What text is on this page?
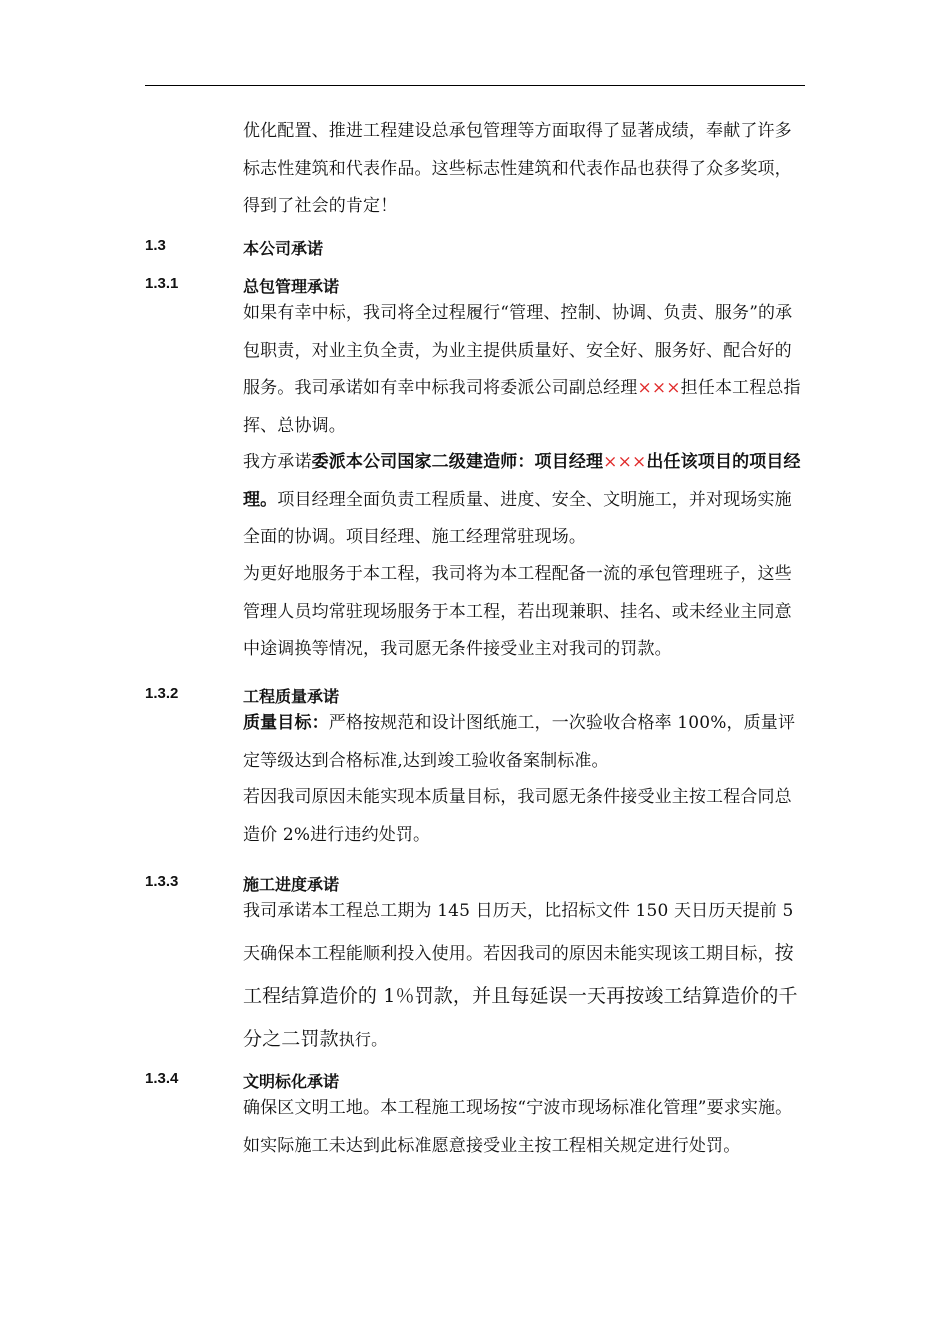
优化配置、推进工程建设总承包管理等方面取得了显著成绩，奉献了许多标志性建筑和代表作品。这些标志性建筑和代表作品也获得了众多奖项，得到了社会的肯定！

1.3	本公司承诺
1.3.1	总包管理承诺

如果有幸中标，我司将全过程履行“管理、控制、协调、负责、服务”的承包职责，对业主负全责，为业主提供质量好、安全好、服务好、配合好的服务。我司承诺如有幸中标我司将委派公司副总经理×××担任本工程总指挥、总协调。

我方承诺委派本公司国家二级建造师：项目经理×××出任该项目的项目经理。项目经理全面负责工程质量、进度、安全、文明施工，并对现场实施全面的协调。项目经理、施工经理常驻现场。

为更好地服务于本工程，我司将为本工程配备一流的承包管理班子，这些管理人员均常驻现场服务于本工程，若出现兼职、挂名、或未经业主同意中途调换等情况，我司愿无条件接受业主对我司的罚款。

1.3.2	工程质量承诺

质量目标：严格按规范和设计图纸施工，一次验收合格率 100%，质量评定等级达到合格标准,达到竣工验收备案制标准。

若因我司原因未能实现本质量目标，我司愿无条件接受业主按工程合同总造价 2%进行违约处罚。

1.3.3	施工进度承诺

我司承诺本工程总工期为 145 日历天，比招标文件 150 天日历天提前 5 天确保本工程能顺利投入使用。若因我司的原因未能实现该工期目标，按工程结算造价的 1％罚款，并且每延误一天再按竣工结算造价的千分之二罚款执行。

1.3.4	文明标化承诺

确保区文明工地。本工程施工现场按“宁波市现场标准化管理”要求实施。如实际施工未达到此标准愿意接受业主按工程相关规定进行处罚。
